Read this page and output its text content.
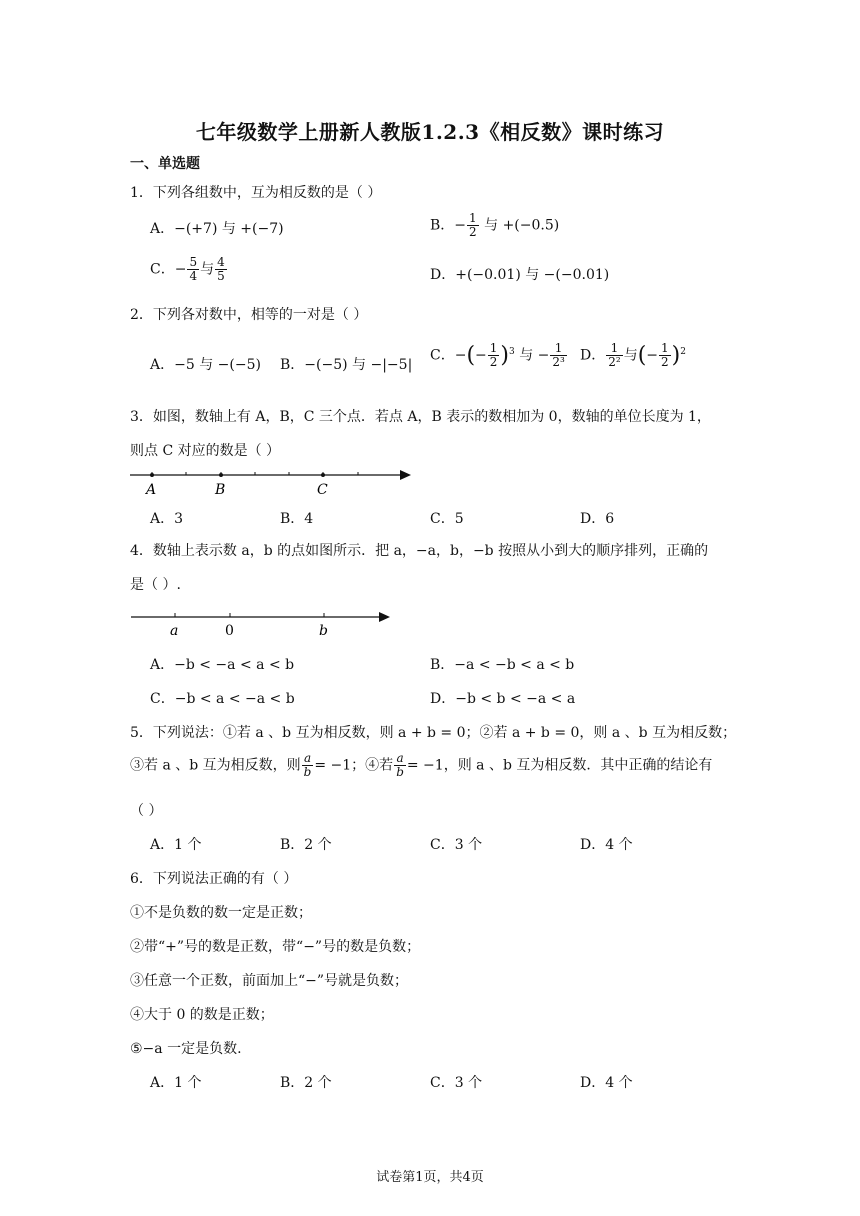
七年级数学上册新人教版1.2.3《相反数》课时练习
一、单选题
1．下列各组数中，互为相反数的是（ ）
A．−(+7) 与 +(−7)	B．− $\frac{1}{2}$ 与 +(−0.5)
C．− $\frac{5}{4}$ 与 $\frac{4}{5}$	D．+(−0.01) 与 −(−0.01)
2．下列各对数中，相等的一对是（ ）
A．−5 与 −(−5) B．−(−5) 与 −|−5|
C．−(− $\frac{1}{2} )^3$ 与 − $\frac{1}{\text{2³}}$ D． $\frac{1}{\text{2²}}$ 与(− $\frac{1}{2} )^2$
3．如图，数轴上有 A，B，C 三个点．若点 A，B 表示的数相加为 0，数轴的单位长度为 1，
则点 C 对应的数是（ ）
A	B	C
A．3	B．4	C．5	D．6
4．数轴上表示数 a，b 的点如图所示．把 a，−a，b，−b 按照从小到大的顺序排列，正确的
是（ ）.
a	0	b
A．−b < −a < a < b	B．−a < −b < a < b
C．−b < a < −a < b	D．−b < b < −a < a
5．下列说法：①若 a 、b 互为相反数，则 a + b = 0；②若 a + b = 0，则 a 、b 互为相反数；
③若 a 、b 互为相反数，则 $\frac{a}{b} = -1$；④若 $\frac{a}{b} = -1$，则 a 、b 互为相反数．其中正确的结论有
（ ）
A．1 个	B．2 个	C．3 个	D．4 个
6．下列说法正确的有（ ）
①不是负数的数一定是正数；
②带“+”号的数是正数，带“−”号的数是负数；
③任意一个正数，前面加上“−”号就是负数；
④大于 0 的数是正数；
⑤−a 一定是负数.
A．1 个	B．2 个	C．3 个	D．4 个
试卷第1页，共4页
